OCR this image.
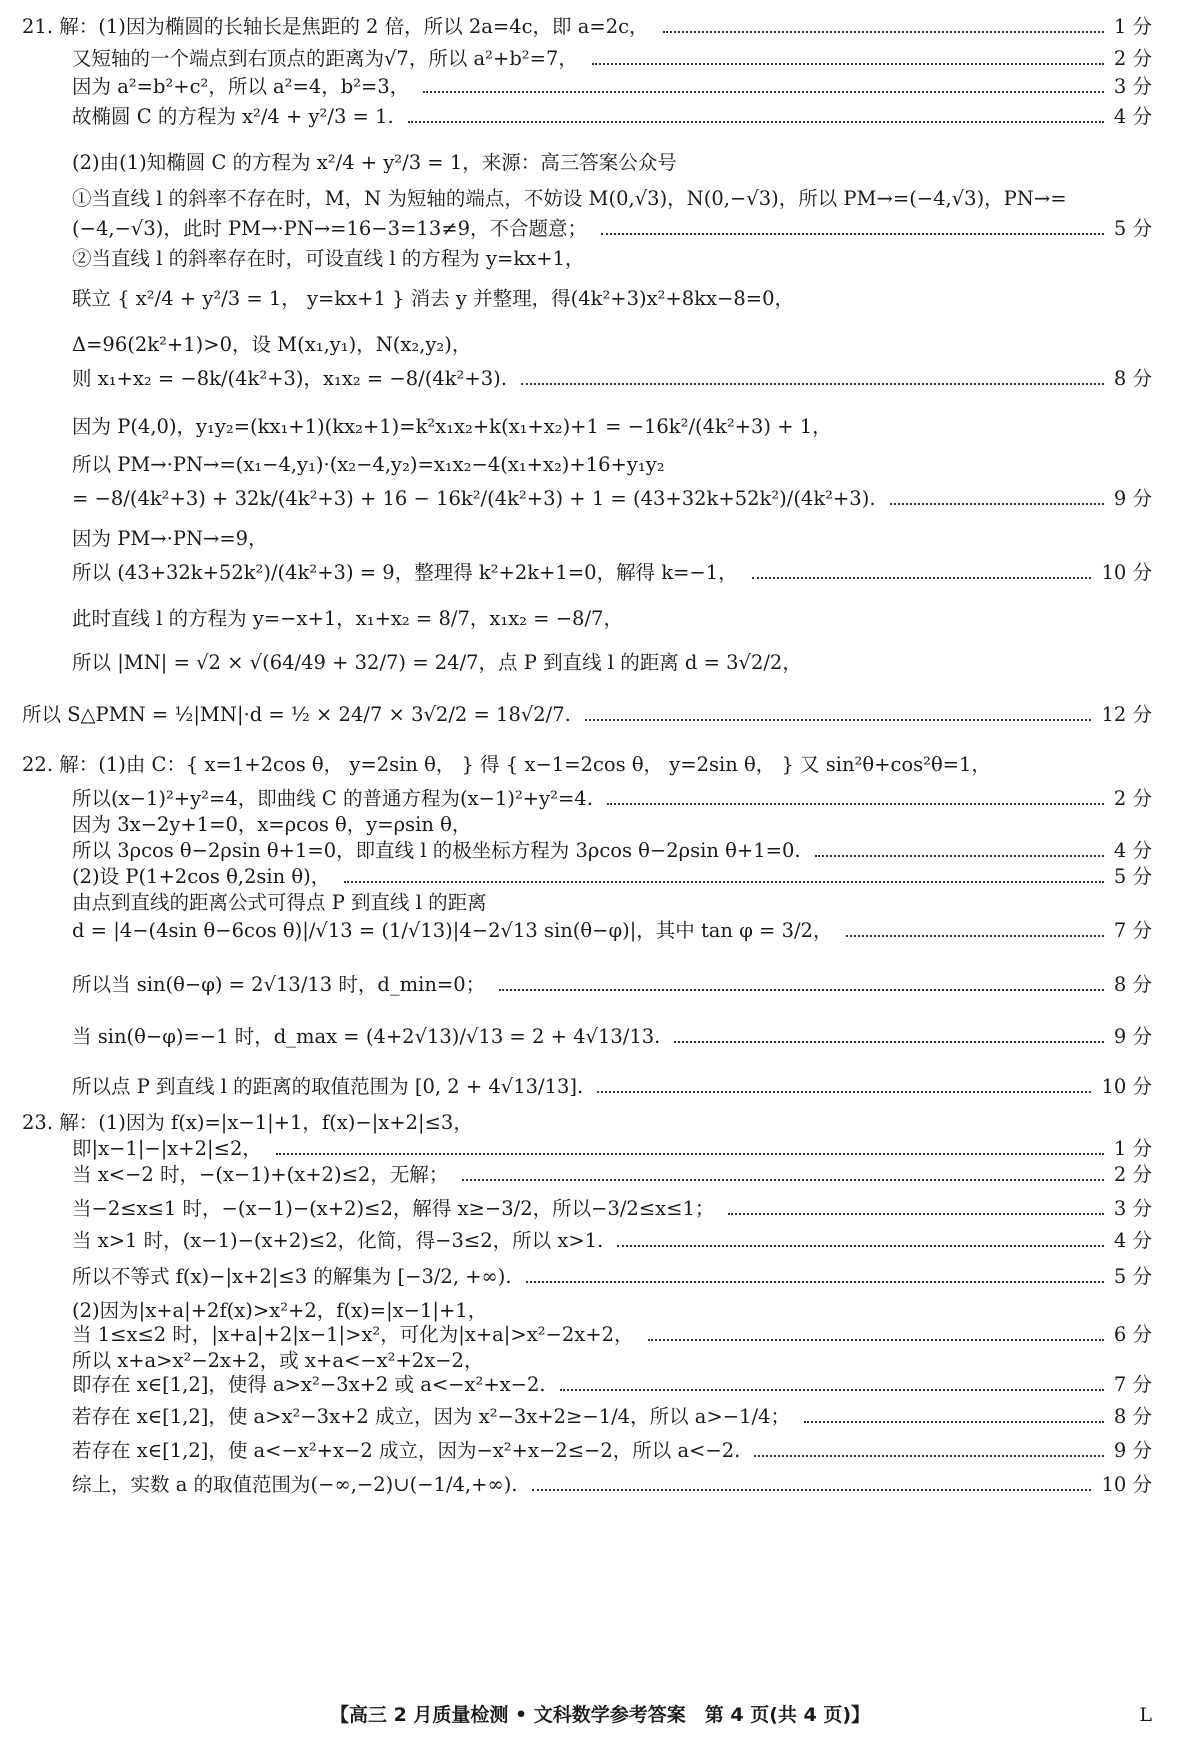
21. 解：(1)因为椭圆的长轴长是焦距的 2 倍，所以 2a=4c，即 a=2c，	1 分
又短轴的一个端点到右顶点的距离为√7，所以 a²+b²=7，	2 分
因为 a²=b²+c²，所以 a²=4，b²=3，	3 分
故椭圆 C 的方程为 x²/4 + y²/3 = 1.	4 分
(2)由(1)知椭圆 C 的方程为 x²/4 + y²/3 = 1，来源：高三答案公众号
①当直线 l 的斜率不存在时，M，N 为短轴的端点，不妨设 M(0,√3)，N(0,−√3)，所以 PM→=(−4,√3)，PN→=
(−4,−√3)，此时 PM→·PN→=16−3=13≠9，不合题意；	5 分
②当直线 l 的斜率存在时，可设直线 l 的方程为 y=kx+1，
联立 { x²/4 + y²/3 = 1， y=kx+1 } 消去 y 并整理，得(4k²+3)x²+8kx−8=0，
Δ=96(2k²+1)>0，设 M(x₁,y₁)，N(x₂,y₂)，
则 x₁+x₂ = −8k/(4k²+3)，x₁x₂ = −8/(4k²+3).	8 分
因为 P(4,0)，y₁y₂=(kx₁+1)(kx₂+1)=k²x₁x₂+k(x₁+x₂)+1 = −16k²/(4k²+3) + 1，
所以 PM→·PN→=(x₁−4,y₁)·(x₂−4,y₂)=x₁x₂−4(x₁+x₂)+16+y₁y₂
= −8/(4k²+3) + 32k/(4k²+3) + 16 − 16k²/(4k²+3) + 1 = (43+32k+52k²)/(4k²+3).	9 分
因为 PM→·PN→=9，
所以 (43+32k+52k²)/(4k²+3) = 9，整理得 k²+2k+1=0，解得 k=−1，	10 分
此时直线 l 的方程为 y=−x+1，x₁+x₂ = 8/7，x₁x₂ = −8/7，
所以 |MN| = √2 × √(64/49 + 32/7) = 24/7，点 P 到直线 l 的距离 d = 3√2/2，
所以 S△PMN = ½|MN|·d = ½ × 24/7 × 3√2/2 = 18√2/7.	12 分
22. 解：(1)由 C：{ x=1+2cos θ， y=2sin θ， } 得 { x−1=2cos θ， y=2sin θ， } 又 sin²θ+cos²θ=1，
所以(x−1)²+y²=4，即曲线 C 的普通方程为(x−1)²+y²=4.	2 分
因为 3x−2y+1=0，x=ρcos θ，y=ρsin θ，
所以 3ρcos θ−2ρsin θ+1=0，即直线 l 的极坐标方程为 3ρcos θ−2ρsin θ+1=0.	4 分
(2)设 P(1+2cos θ,2sin θ)，	5 分
由点到直线的距离公式可得点 P 到直线 l 的距离
d = |4−(4sin θ−6cos θ)|/√13 = (1/√13)|4−2√13 sin(θ−φ)|，其中 tan φ = 3/2，	7 分
所以当 sin(θ−φ) = 2√13/13 时，d_min=0；	8 分
当 sin(θ−φ)=−1 时，d_max = (4+2√13)/√13 = 2 + 4√13/13.	9 分
所以点 P 到直线 l 的距离的取值范围为 [0, 2 + 4√13/13].	10 分
23. 解：(1)因为 f(x)=|x−1|+1，f(x)−|x+2|≤3，
即|x−1|−|x+2|≤2，	1 分
当 x<−2 时，−(x−1)+(x+2)≤2，无解；	2 分
当−2≤x≤1 时，−(x−1)−(x+2)≤2，解得 x≥−3/2，所以−3/2≤x≤1；	3 分
当 x>1 时，(x−1)−(x+2)≤2，化简，得−3≤2，所以 x>1.	4 分
所以不等式 f(x)−|x+2|≤3 的解集为 [−3/2, +∞).	5 分
(2)因为|x+a|+2f(x)>x²+2，f(x)=|x−1|+1，
当 1≤x≤2 时，|x+a|+2|x−1|>x²，可化为|x+a|>x²−2x+2，	6 分
所以 x+a>x²−2x+2，或 x+a<−x²+2x−2，
即存在 x∈[1,2]，使得 a>x²−3x+2 或 a<−x²+x−2.	7 分
若存在 x∈[1,2]，使 a>x²−3x+2 成立，因为 x²−3x+2≥−1/4，所以 a>−1/4；	8 分
若存在 x∈[1,2]，使 a<−x²+x−2 成立，因为−x²+x−2≤−2，所以 a<−2.	9 分
综上，实数 a 的取值范围为(−∞,−2)∪(−1/4,+∞).	10 分
【高三 2 月质量检测 • 文科数学参考答案　第 4 页(共 4 页)】	L
